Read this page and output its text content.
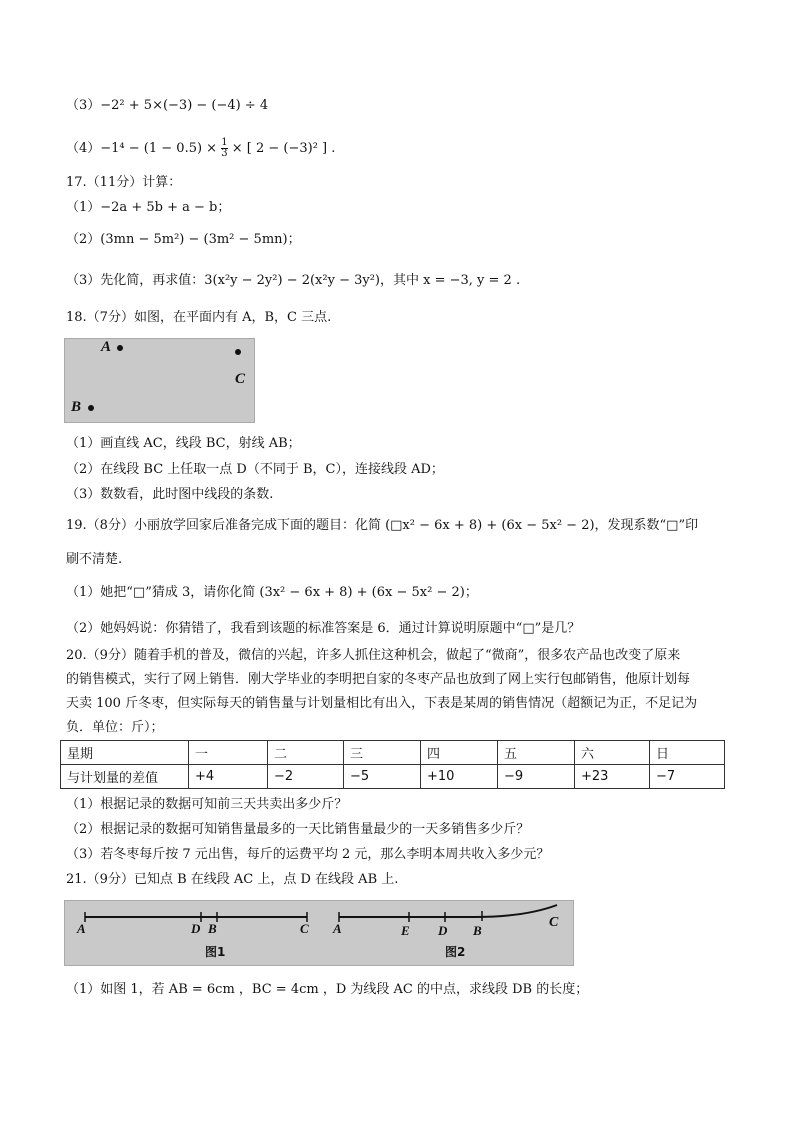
（3）−2² + 5×(−3) − (−4) ÷ 4
$(4)-1^4 - (1 - 0.5) \times \frac{1}{3}$ × [ 2 − (−3)² ] .
17.（11分）计算：
（1）−2a + 5b + a − b；
（2）(3mn − 5m²) − (3m² − 5mn)；
（3）先化简，再求值：3(x²y − 2y²) − 2(x²y − 3y²)，其中 x = −3, y = 2 .
18.（7分）如图，在平面内有 A，B，C 三点.
A
C
B
（1）画直线 AC，线段 BC，射线 AB；
（2）在线段 BC 上任取一点 D（不同于 B，C），连接线段 AD；
（3）数数看，此时图中线段的条数.
19.（8分）小丽放学回家后准备完成下面的题目：化简 (□x² − 6x + 8) + (6x − 5x² − 2)，发现系数“□”印
刷不清楚.
（1）她把“□”猜成 3，请你化简 (3x² − 6x + 8) + (6x − 5x² − 2)；
（2）她妈妈说：你猜错了，我看到该题的标准答案是 6．通过计算说明原题中“□”是几？
20.（9分）随着手机的普及，微信的兴起，许多人抓住这种机会，做起了“微商”，很多农产品也改变了原来
的销售模式，实行了网上销售．刚大学毕业的李明把自家的冬枣产品也放到了网上实行包邮销售，他原计划每
天卖 100 斤冬枣，但实际每天的销售量与计划量相比有出入，下表是某周的销售情况（超额记为正，不足记为
负．单位：斤）；
星期	一	二	三	四	五	六	日
与计划量的差值	+4	−2	−5	+10	−9	+23	−7
（1）根据记录的数据可知前三天共卖出多少斤？
（2）根据记录的数据可知销售量最多的一天比销售量最少的一天多销售多少斤？
（3）若冬枣每斤按 7 元出售，每斤的运费平均 2 元，那么李明本周共收入多少元？
21.（9分）已知点 B 在线段 AC 上，点 D 在线段 AB 上.
A	D B	C
图1
A	E D B
C
图2
（1）如图 1，若 AB = 6cm ，BC = 4cm ，D 为线段 AC 的中点，求线段 DB 的长度；
